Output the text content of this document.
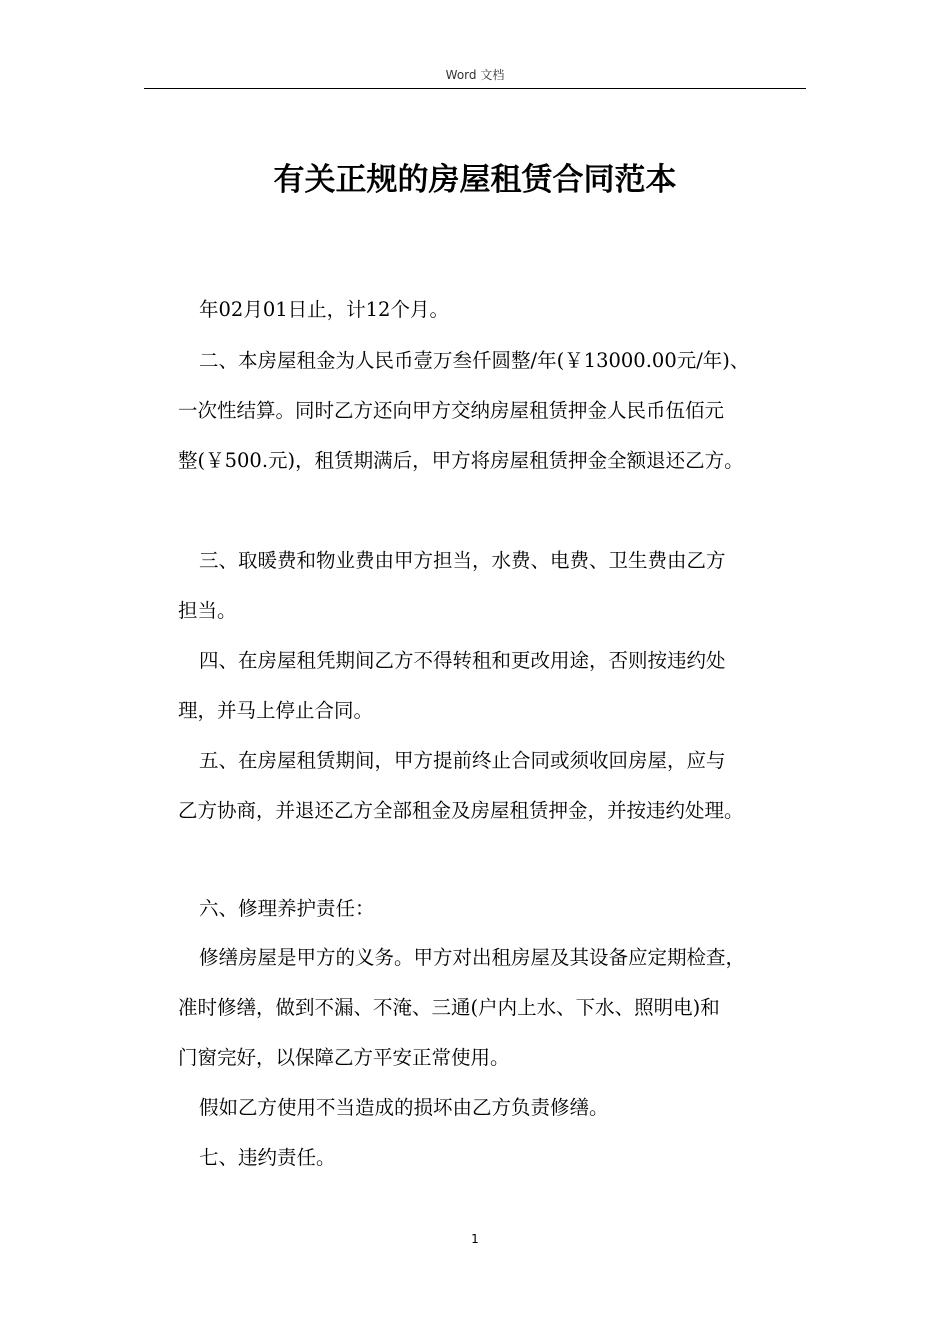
Word 文档
有关正规的房屋租赁合同范本
年02月01日止，计12个月。
二、本房屋租金为人民币壹万叁仟圆整/年(￥13000.00元/年)、
一次性结算。同时乙方还向甲方交纳房屋租赁押金人民币伍佰元
整(￥500.元)，租赁期满后，甲方将房屋租赁押金全额退还乙方。
三、取暖费和物业费由甲方担当，水费、电费、卫生费由乙方
担当。
四、在房屋租凭期间乙方不得转租和更改用途，否则按违约处
理，并马上停止合同。
五、在房屋租赁期间，甲方提前终止合同或须收回房屋，应与
乙方协商，并退还乙方全部租金及房屋租赁押金，并按违约处理。
六、修理养护责任：
修缮房屋是甲方的义务。甲方对出租房屋及其设备应定期检查，
准时修缮，做到不漏、不淹、三通(户内上水、下水、照明电)和
门窗完好，以保障乙方平安正常使用。
假如乙方使用不当造成的损坏由乙方负责修缮。
七、违约责任。
1
